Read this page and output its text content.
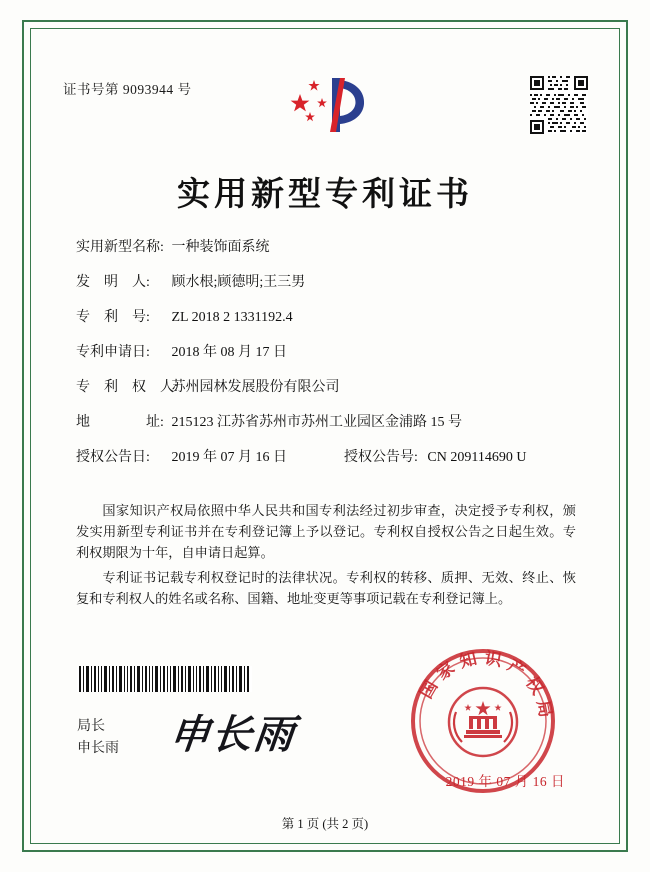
证书号第 9093944 号
实用新型专利证书
实用新型名称: 一种装饰面系统
发　明　人: 顾水根;顾德明;王三男
专　利　号: ZL 2018 2 1331192.4
专利申请日: 2018 年 08 月 17 日
专　利　权　人: 苏州园林发展股份有限公司
地　　　　址: 215123 江苏省苏州市苏州工业园区金浦路 15 号
授权公告日: 2019 年 07 月 16 日	授权公告号: CN 209114690 U

国家知识产权局依照中华人民共和国专利法经过初步审查，决定授予专利权，颁发实用新型专利证书并在专利登记簿上予以登记。专利权自授权公告之日起生效。专利权期限为十年，自申请日起算。

专利证书记载专利权登记时的法律状况。专利权的转移、质押、无效、终止、恢复和专利权人的姓名或名称、国籍、地址变更等事项记载在专利登记簿上。

局长
申长雨 申长雨
国 家 知 识 产 权 局
2019 年 07 月 16 日
第 1 页 (共 2 页)
